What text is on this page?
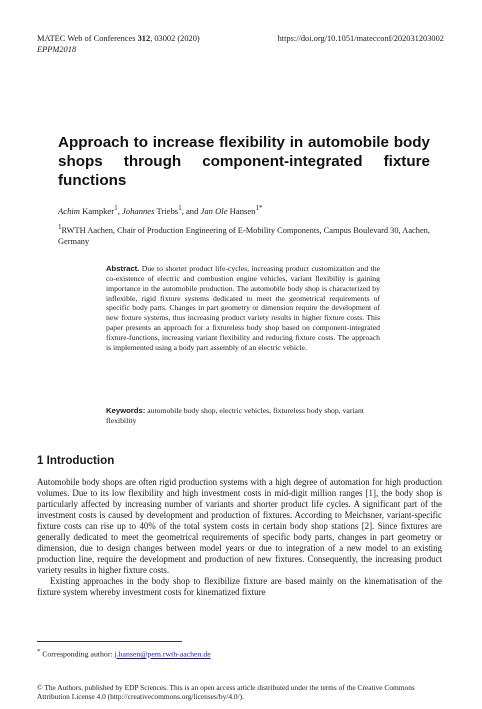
MATEC Web of Conferences 312, 03002 (2020)
EPPM2018
https://doi.org/10.1051/matecconf/202031203002
Approach to increase flexibility in automobile body shops through component-integrated fixture functions
Achim Kampker$^1$, Johannes Triebs$^1$, and Jan Ole Hansen$^{1*}$
$^1$RWTH Aachen, Chair of Production Engineering of E-Mobility Components, Campus Boulevard 30, Aachen, Germany
Abstract. Due to shorter product life-cycles, increasing product customization and the co-existence of electric and combustion engine vehicles, variant flexibility is gaining importance in the automobile production. The automobile body shop is characterized by inflexible, rigid fixture systems dedicated to meet the geometrical requirements of specific body parts. Changes in part geometry or dimension require the development of new fixture systems, thus increasing product variety results in higher fixture costs. This paper presents an approach for a fixtureless body shop based on component-integrated fixture-functions, increasing variant flexibility and reducing fixture costs. The approach is implemented using a body part assembly of an electric vehicle.
Keywords: automobile body shop, electric vehicles, fixtureless body shop, variant flexibility
1 Introduction

Automobile body shops are often rigid production systems with a high degree of automation for high production volumes. Due to its low flexibility and high investment costs in mid-digit million ranges [1], the body shop is particularly affected by increasing number of variants and shorter product life cycles. A significant part of the investment costs is caused by development and production of fixtures. According to Meichsner, variant-specific fixture costs can rise up to 40% of the total system costs in certain body shop stations [2]. Since fixtures are generally dedicated to meet the geometrical requirements of specific body parts, changes in part geometry or dimension, due to design changes between model years or due to integration of a new model to an existing production line, require the development and production of new fixtures. Consequently, the increasing product variety results in higher fixture costs.

Existing approaches in the body shop to flexibilize fixture are based mainly on the kinematisation of the fixture system whereby investment costs for kinematized fixture

* Corresponding author: j.hansen@pem.rwth-aachen.de
© The Authors, published by EDP Sciences. This is an open access article distributed under the terms of the Creative Commons Attribution License 4.0 (http://creativecommons.org/licenses/by/4.0/).
